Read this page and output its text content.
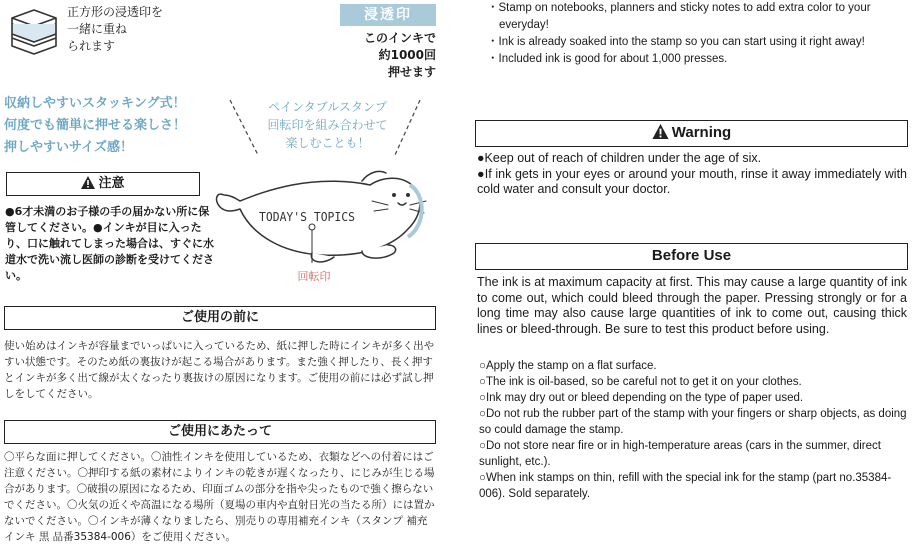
正方形の浸透印を
一緒に重ね
られます
浸透印
このインキで
約1000回
押せます
収納しやすいスタッキング式！
何度でも簡単に押せる楽しさ！
押しやすいサイズ感！
ペインタブルスタンプ
回転印を組み合わせて
楽しむことも！
TODAY'S TOPICS
回転印
注意
●6才未満のお子様の手の届かない所に保管してください。●インキが目に入ったり、口に触れてしまった場合は、すぐに水道水で洗い流し医師の診断を受けてください。
ご使用の前に
使い始めはインキが容量までいっぱいに入っているため、紙に押した時にインキが多く出やすい状態です。そのため紙の裏抜けが起こる場合があります。また強く押したり、長く押すとインキが多く出て線が太くなったり裏抜けの原因になります。ご使用の前には必ず試し押しをしてください。
ご使用にあたって
〇平らな面に押してください。〇油性インキを使用しているため、衣類などへの付着にはご注意ください。〇押印する紙の素材によりインキの乾きが遅くなったり、にじみが生じる場合があります。〇破損の原因になるため、印面ゴムの部分を指や尖ったもので強く擦らないでください。〇火気の近くや高温になる場所（夏場の車内や直射日光の当たる所）には置かないでください。〇インキが薄くなりましたら、別売りの専用補充インキ（スタンプ 補充インキ 黒 品番35384-006）をご使用ください。
・Stamp on notebooks, planners and sticky notes to add extra color to your everyday!
・Ink is already soaked into the stamp so you can start using it right away!
・Included ink is good for about 1,000 presses.
Warning
●Keep out of reach of children under the age of six.
●If ink gets in your eyes or around your mouth, rinse it away immediately with cold water and consult your doctor.
Before Use
The ink is at maximum capacity at first. This may cause a large quantity of ink to come out, which could bleed through the paper. Pressing strongly or for a long time may also cause large quantities of ink to come out, causing thick lines or bleed-through. Be sure to test this product before using.
○Apply the stamp on a flat surface.
○The ink is oil-based, so be careful not to get it on your clothes.
○Ink may dry out or bleed depending on the type of paper used.
○Do not rub the rubber part of the stamp with your fingers or sharp objects, as doing so could damage the stamp.
○Do not store near fire or in high-temperature areas (cars in the summer, direct sunlight, etc.).
○When ink stamps on thin, refill with the special ink for the stamp (part no.35384-006). Sold separately.
